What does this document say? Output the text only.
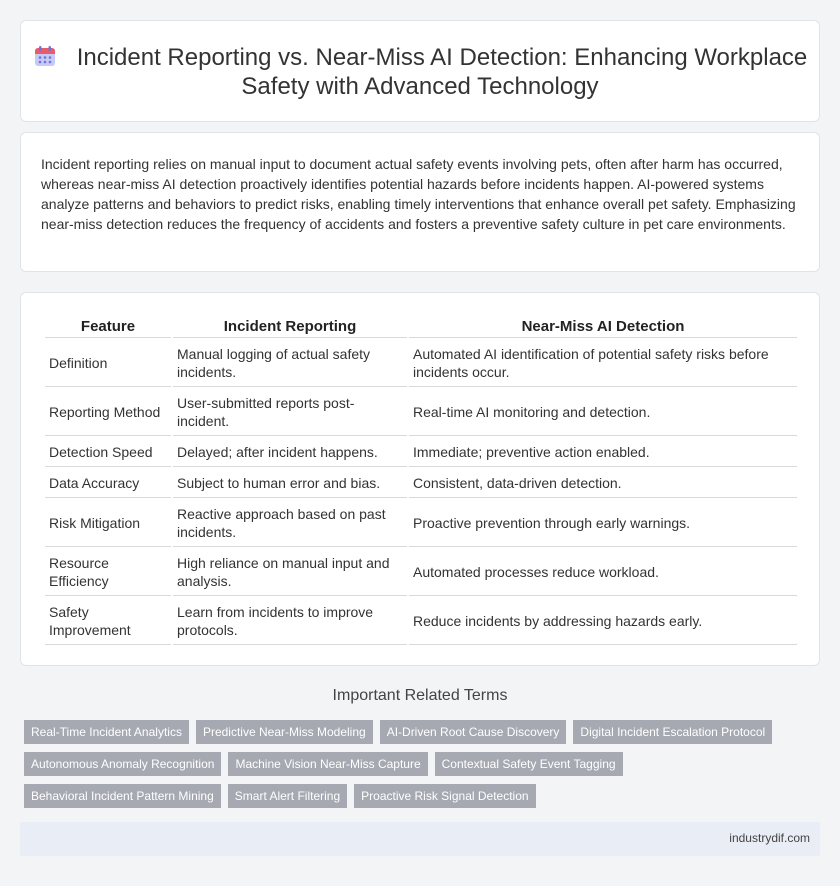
Incident Reporting vs. Near-Miss AI Detection: Enhancing Workplace Safety with Advanced Technology

Incident reporting relies on manual input to document actual safety events involving pets, often after harm has occurred, whereas near-miss AI detection proactively identifies potential hazards before incidents happen. AI-powered systems analyze patterns and behaviors to predict risks, enabling timely interventions that enhance overall pet safety. Emphasizing near-miss detection reduces the frequency of accidents and fosters a preventive safety culture in pet care environments.

Feature	Incident Reporting	Near-Miss AI Detection
Definition	Manual logging of actual safety incidents.	Automated AI identification of potential safety risks before incidents occur.
Reporting Method	User-submitted reports post-incident.	Real-time AI monitoring and detection.
Detection Speed	Delayed; after incident happens.	Immediate; preventive action enabled.
Data Accuracy	Subject to human error and bias.	Consistent, data-driven detection.
Risk Mitigation	Reactive approach based on past incidents.	Proactive prevention through early warnings.
Resource Efficiency	High reliance on manual input and analysis.	Automated processes reduce workload.
Safety Improvement	Learn from incidents to improve protocols.	Reduce incidents by addressing hazards early.
Important Related Terms
Real-Time Incident Analytics Predictive Near-Miss Modeling AI-Driven Root Cause Discovery Digital Incident Escalation Protocol
Autonomous Anomaly Recognition Machine Vision Near-Miss Capture Contextual Safety Event Tagging
Behavioral Incident Pattern Mining Smart Alert Filtering Proactive Risk Signal Detection
industrydif.com
